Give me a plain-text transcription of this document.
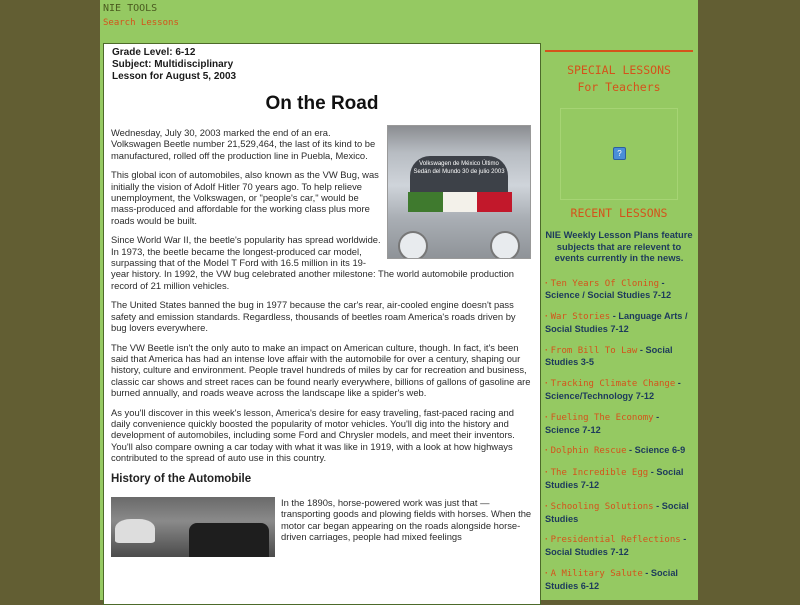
NIE TOOLS
Search Lessons
Grade Level: 6-12
Subject: Multidisciplinary
Lesson for August 5, 2003
On the Road
Volkswagen de México Último Sedán del Mundo 30 de julio 2003

Wednesday, July 30, 2003 marked the end of an era. Volkswagen Beetle number 21,529,464, the last of its kind to be manufactured, rolled off the production line in Puebla, Mexico.

This global icon of automobiles, also known as the VW Bug, was initially the vision of Adolf Hitler 70 years ago. To help relieve unemployment, the Volkswagen, or "people's car," would be mass-produced and affordable for the working class plus more roads would be built.

Since World War II, the beetle's popularity has spread worldwide. In 1973, the beetle became the longest-produced car model, surpassing that of the Model T Ford with 16.5 million in its 19-year history. In 1992, the VW bug celebrated another milestone: The world automobile production record of 21 million vehicles.

The United States banned the bug in 1977 because the car's rear, air-cooled engine doesn't pass safety and emission standards. Regardless, thousands of beetles roam America's roads driven by bug lovers everywhere.

The VW Beetle isn't the only auto to make an impact on American culture, though. In fact, it's been said that America has had an intense love affair with the automobile for over a century, shaping our history, culture and environment. People travel hundreds of miles by car for recreation and business, classic car shows and street races can be found nearly everywhere, billions of gallons of gasoline are burned annually, and roads weave across the landscape like a spider's web.

As you'll discover in this week's lesson, America's desire for easy traveling, fast-paced racing and daily convenience quickly boosted the popularity of motor vehicles. You'll dig into the history and development of automobiles, including some Ford and Chrysler models, and meet their inventors. You'll also compare owning a car today with what it was like in 1919, with a look at how highways contributed to the spread of auto use in this country.

History of the Automobile
In the 1890s, horse-powered work was just that — transporting goods and plowing fields with horses. When the motor car began appearing on the roads alongside horse-driven carriages, people had mixed feelings
SPECIAL LESSONS
For Teachers
?
RECENT LESSONS
NIE Weekly Lesson Plans feature subjects that are relevent to events currently in the news.
· Ten Years Of Cloning - Science / Social Studies 7-12
· War Stories - Language Arts / Social Studies 7-12
· From Bill To Law - Social Studies 3-5
· Tracking Climate Change - Science/Technology 7-12
· Fueling The Economy - Science 7-12
· Dolphin Rescue - Science 6-9
· The Incredible Egg - Social Studies 7-12
· Schooling Solutions - Social Studies
· Presidential Reflections - Social Studies 7-12
· A Military Salute - Social Studies 6-12
